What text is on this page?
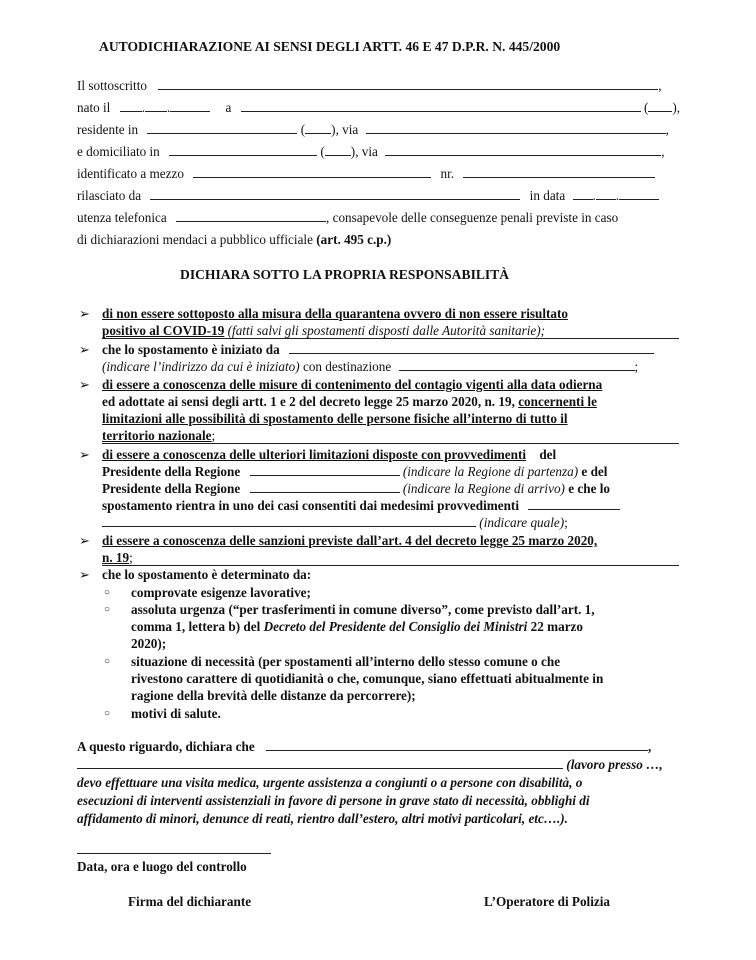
AUTODICHIARAZIONE AI SENSI DEGLI ARTT. 46 E 47 D.P.R. N. 445/2000
Il sottoscritto	,
nato il . .	a	( ),
residente in	( ), via	,
e domiciliato in	( ), via	,
identificato a mezzo	nr.
rilasciato da	in data . .
utenza telefonica	, consapevole delle conseguenze penali previste in caso
di dichiarazioni mendaci a pubblico ufficiale (art. 495 c.p.)
DICHIARA SOTTO LA PROPRIA RESPONSABILITÀ
➢ di non essere sottoposto alla misura della quarantena ovvero di non essere risultato
positivo al COVID-19 (fatti salvi gli spostamenti disposti dalle Autorità sanitarie);
➢ che lo spostamento è iniziato da
(indicare l’indirizzo da cui è iniziato) con destinazione	;
➢ di essere a conoscenza delle misure di contenimento del contagio vigenti alla data odierna
ed adottate ai sensi degli artt. 1 e 2 del decreto legge 25 marzo 2020, n. 19, concernenti le
limitazioni alle possibilità di spostamento delle persone fisiche all’interno di tutto il
territorio nazionale;
➢ di essere a conoscenza delle ulteriori limitazioni disposte con provvedimenti del
Presidente della Regione	(indicare la Regione di partenza) e del
Presidente della Regione	(indicare la Regione di arrivo) e che lo
spostamento rientra in uno dei casi consentiti dai medesimi provvedimenti
(indicare quale);
➢ di essere a conoscenza delle sanzioni previste dall’art. 4 del decreto legge 25 marzo 2020,
n. 19;
➢ che lo spostamento è determinato da:
○ comprovate esigenze lavorative;
○ assoluta urgenza (“per trasferimenti in comune diverso”, come previsto dall’art. 1,
comma 1, lettera b) del Decreto del Presidente del Consiglio dei Ministri 22 marzo
2020);
○ situazione di necessità (per spostamenti all’interno dello stesso comune o che
rivestono carattere di quotidianità o che, comunque, siano effettuati abitualmente in
ragione della brevità delle distanze da percorrere);
○ motivi di salute.
A questo riguardo, dichiara che	,
(lavoro presso …,
devo effettuare una visita medica, urgente assistenza a congiunti o a persone con disabilità, o
esecuzioni di interventi assistenziali in favore di persone in grave stato di necessità, obblighi di
affidamento di minori, denunce di reati, rientro dall’estero, altri motivi particolari, etc….).
Data, ora e luogo del controllo
Firma del dichiarante	L’Operatore di Polizia
